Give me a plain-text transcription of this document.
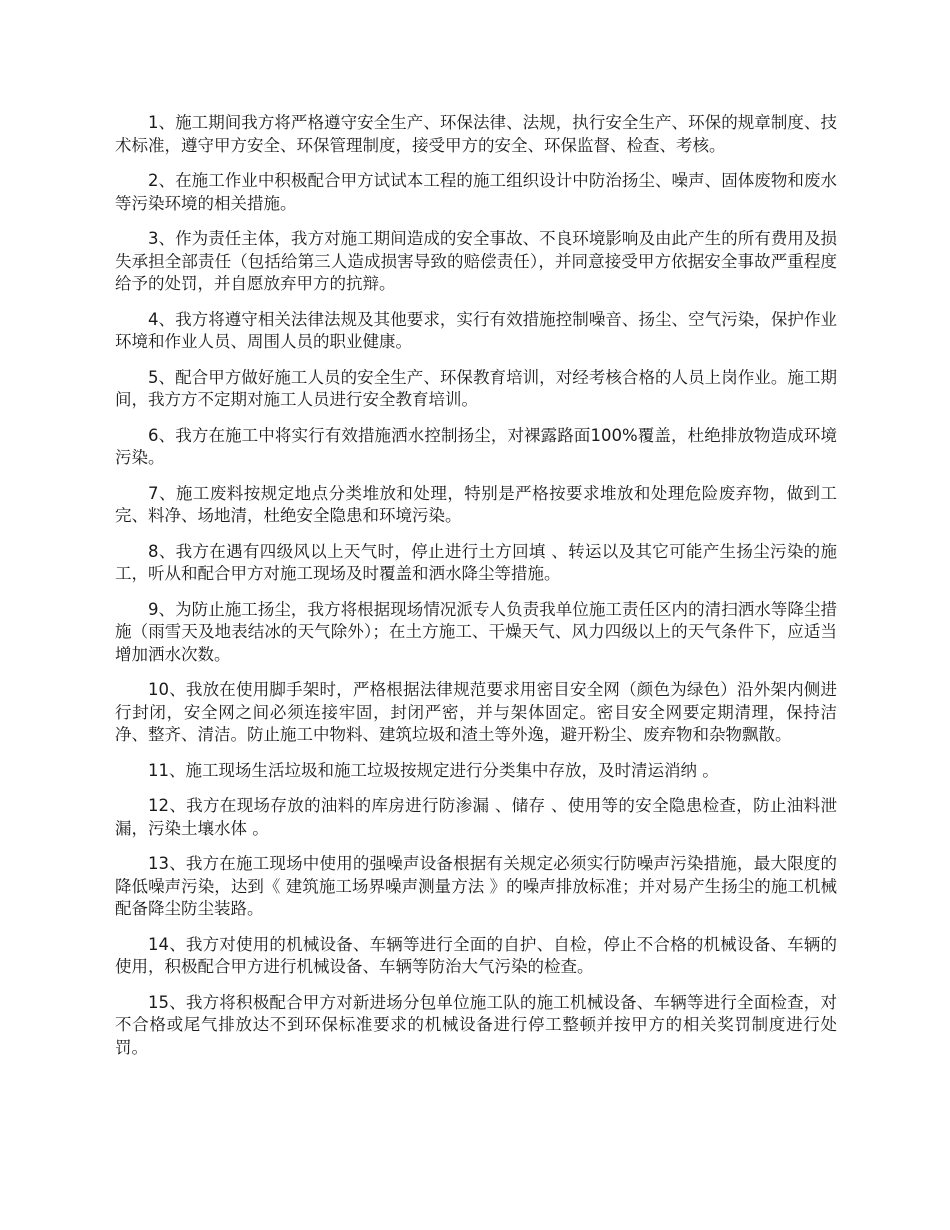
1、施工期间我方将严格遵守安全生产、环保法律、法规，执行安全生产、环保的规章制度、技术标准，遵守甲方安全、环保管理制度，接受甲方的安全、环保监督、检查、考核。

2、在施工作业中积极配合甲方试试本工程的施工组织设计中防治扬尘、噪声、固体废物和废水等污染环境的相关措施。

3、作为责任主体，我方对施工期间造成的安全事故、不良环境影响及由此产生的所有费用及损失承担全部责任（包括给第三人造成损害导致的赔偿责任），并同意接受甲方依据安全事故严重程度给予的处罚，并自愿放弃甲方的抗辩。

4、我方将遵守相关法律法规及其他要求，实行有效措施控制噪音、扬尘、空气污染，保护作业环境和作业人员、周围人员的职业健康。

5、配合甲方做好施工人员的安全生产、环保教育培训，对经考核合格的人员上岗作业。施工期间，我方方不定期对施工人员进行安全教育培训。

6、我方在施工中将实行有效措施洒水控制扬尘，对裸露路面100%覆盖，杜绝排放物造成环境污染。

7、施工废料按规定地点分类堆放和处理，特别是严格按要求堆放和处理危险废弃物，做到工完、料净、场地清，杜绝安全隐患和环境污染。

8、我方在遇有四级风以上天气时，停止进行土方回填 、转运以及其它可能产生扬尘污染的施工，听从和配合甲方对施工现场及时覆盖和洒水降尘等措施。

9、为防止施工扬尘，我方将根据现场情况派专人负责我单位施工责任区内的清扫洒水等降尘措施（雨雪天及地表结冰的天气除外）；在土方施工、干燥天气、风力四级以上的天气条件下，应适当增加洒水次数。

10、我放在使用脚手架时，严格根据法律规范要求用密目安全网（颜色为绿色）沿外架内侧进行封闭，安全网之间必须连接牢固，封闭严密，并与架体固定。密目安全网要定期清理，保持洁净、整齐、清洁。防止施工中物料、建筑垃圾和渣土等外逸，避开粉尘、废弃物和杂物飘散。

11、施工现场生活垃圾和施工垃圾按规定进行分类集中存放，及时清运消纳 。

12、我方在现场存放的油料的库房进行防渗漏 、储存 、使用等的安全隐患检查，防止油料泄漏，污染土壤水体 。

13、我方在施工现场中使用的强噪声设备根据有关规定必须实行防噪声污染措施，最大限度的降低噪声污染，达到《 建筑施工场界噪声测量方法 》的噪声排放标准；并对易产生扬尘的施工机械配备降尘防尘装路。

14、我方对使用的机械设备、车辆等进行全面的自护、自检，停止不合格的机械设备、车辆的使用，积极配合甲方进行机械设备、车辆等防治大气污染的检查。

15、我方将积极配合甲方对新进场分包单位施工队的施工机械设备、车辆等进行全面检查，对不合格或尾气排放达不到环保标准要求的机械设备进行停工整顿并按甲方的相关奖罚制度进行处罚。
